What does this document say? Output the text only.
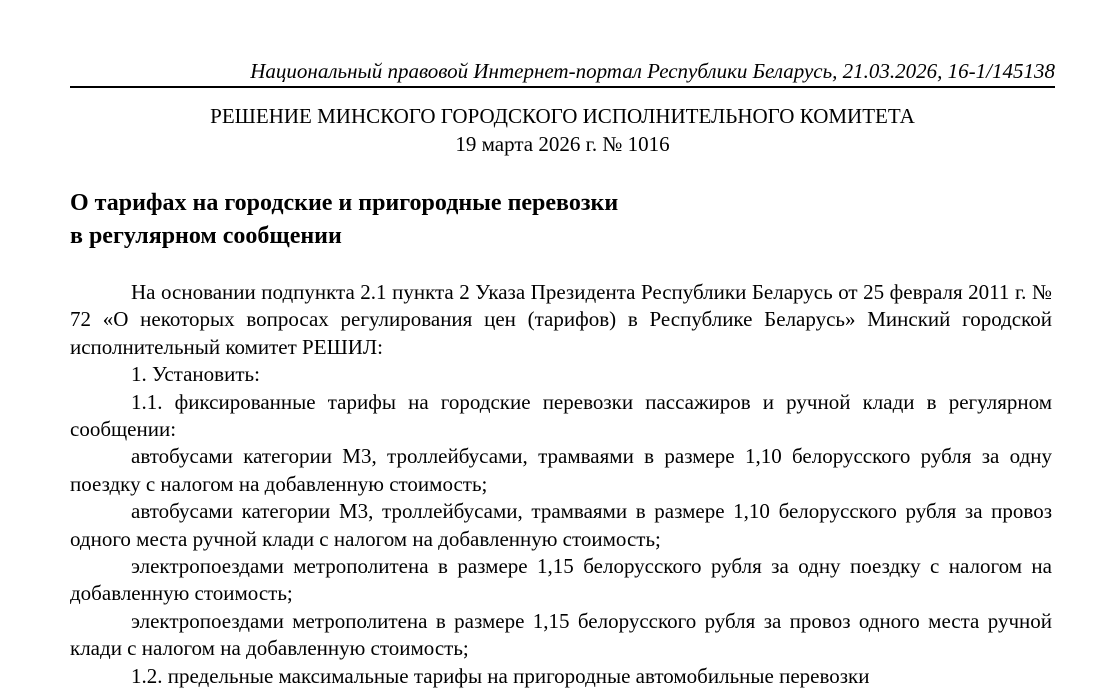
Национальный правовой Интернет-портал Республики Беларусь, 21.03.2026, 16-1/145138
РЕШЕНИЕ МИНСКОГО ГОРОДСКОГО ИСПОЛНИТЕЛЬНОГО КОМИТЕТА
19 марта 2026 г. № 1016
О тарифах на городские и пригородные перевозки
в регулярном сообщении

На основании подпункта 2.1 пункта 2 Указа Президента Республики Беларусь от 25 февраля 2011 г. № 72 «О некоторых вопросах регулирования цен (тарифов) в Республике Беларусь» Минский городской исполнительный комитет РЕШИЛ:

1. Установить:

1.1. фиксированные тарифы на городские перевозки пассажиров и ручной клади в регулярном сообщении:

автобусами категории М3, троллейбусами, трамваями в размере 1,10 белорусского рубля за одну поездку с налогом на добавленную стоимость;

автобусами категории М3, троллейбусами, трамваями в размере 1,10 белорусского рубля за провоз одного места ручной клади с налогом на добавленную стоимость;

электропоездами метрополитена в размере 1,15 белорусского рубля за одну поездку с налогом на добавленную стоимость;

электропоездами метрополитена в размере 1,15 белорусского рубля за провоз одного места ручной клади с налогом на добавленную стоимость;

1.2. предельные максимальные тарифы на пригородные автомобильные перевозки
